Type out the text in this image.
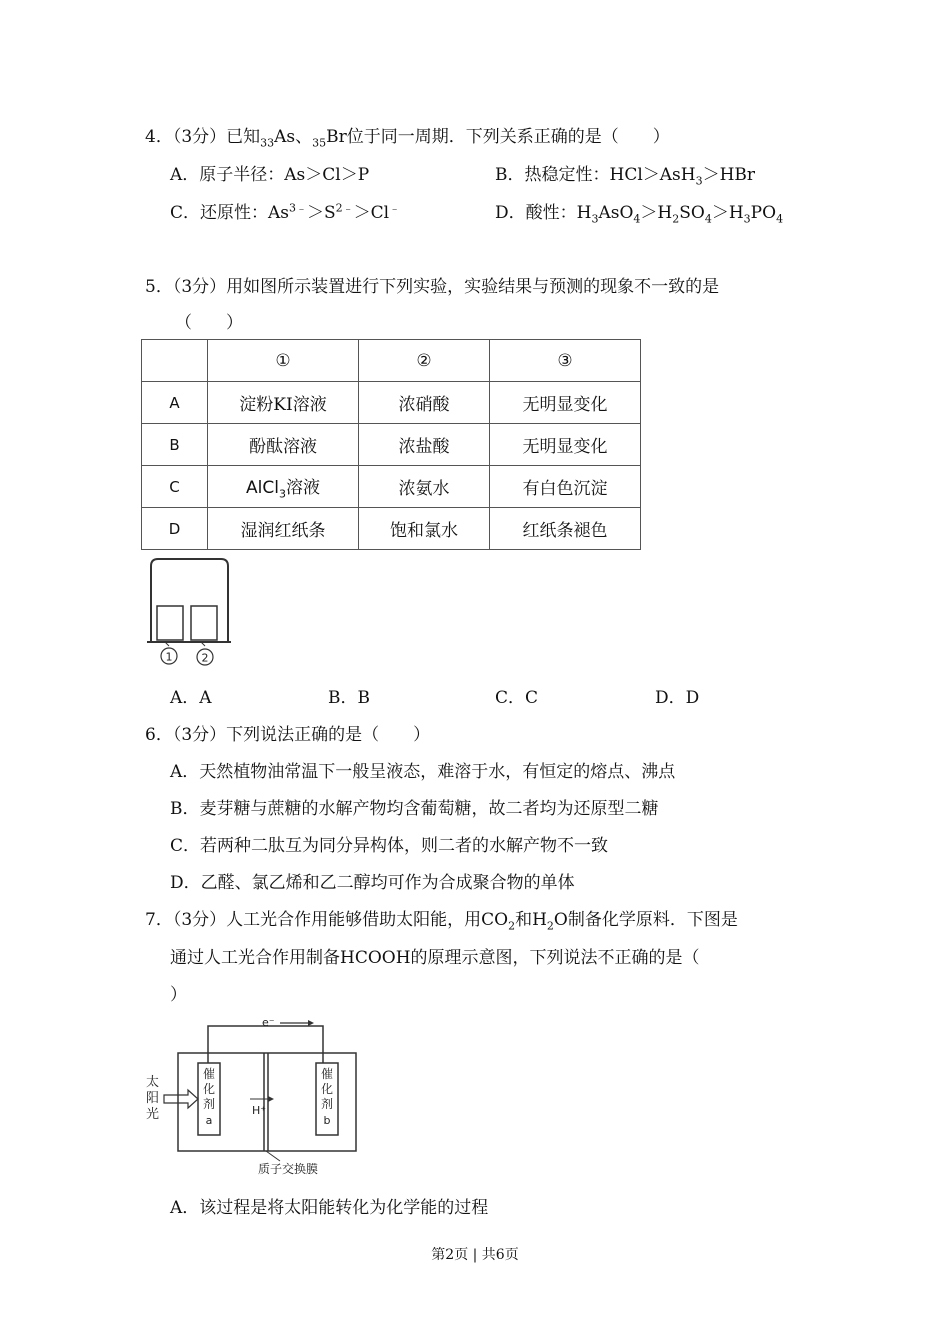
4．（3分）已知$_{33}$As、$_{35}$Br位于同一周期．下列关系正确的是（　　）
A．原子半径：As＞Cl＞P	B．热稳定性：HCl＞AsH$_3$＞HBr
C．还原性：$As^{3﹣}>S^{2﹣}>Cl^﹣$	D．酸性：$H_3AsO_4>H_2SO_4>H_3PO_4$
5．（3分）用如图所示装置进行下列实验，实验结果与预测的现象不一致的是
（　　）
	①	②	③
A	淀粉KI溶液	浓硝酸	无明显变化
B	酚酞溶液	浓盐酸	无明显变化
C	AlCl$_3$溶液	浓氨水	有白色沉淀
D	湿润红纸条	饱和氯水	红纸条褪色
1	2
A．A	B．B	C．C	D．D
6．（3分）下列说法正确的是（　　）
A．天然植物油常温下一般呈液态，难溶于水，有恒定的熔点、沸点
B．麦芽糖与蔗糖的水解产物均含葡萄糖，故二者均为还原型二糖
C．若两种二肽互为同分异构体，则二者的水解产物不一致
D．乙醛、氯乙烯和乙二醇均可作为合成聚合物的单体
7．（3分）人工光合作用能够借助太阳能，用$CO_2$和$H_2O$制备化学原料．下图是
通过人工光合作用制备HCOOH的原理示意图，下列说法不正确的是（
）
e⁻
催
化
剂
a
催
化
剂
b
H⁺
太
阳
光
质子交换膜
A．该过程是将太阳能转化为化学能的过程
第2页 | 共6页
